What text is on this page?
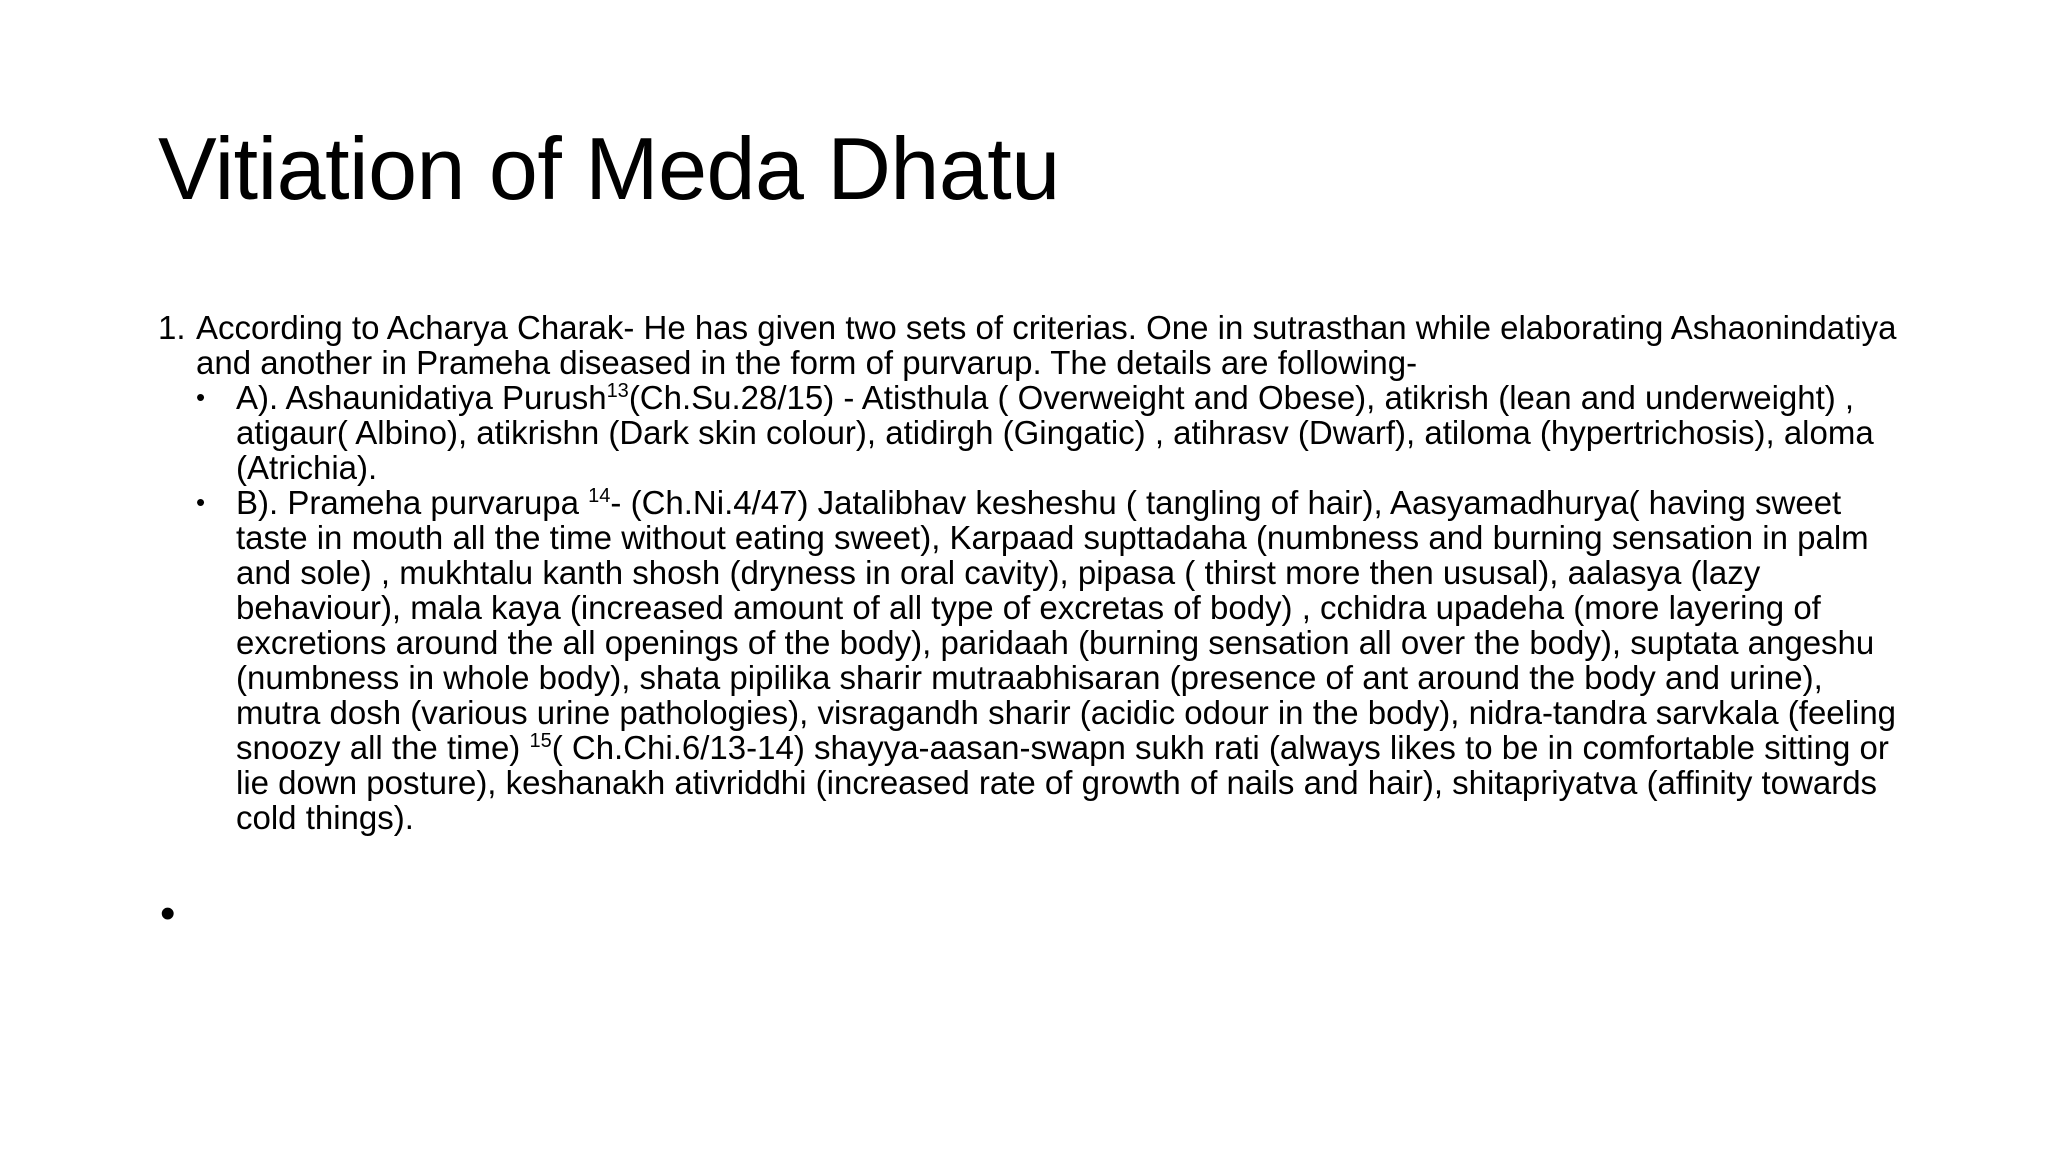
Vitiation of Meda Dhatu
1. According to Acharya Charak- He has given two sets of criterias. One in sutrasthan while elaborating Ashaonindatiya and another in Prameha diseased in the form of purvarup. The details are following-
• A). Ashaunidatiya Purush$^{13}$(Ch.Su.28/15) - Atisthula ( Overweight and Obese), atikrish (lean and underweight) , atigaur( Albino), atikrishn (Dark skin colour), atidirgh (Gingatic) , atihrasv (Dwarf), atiloma (hypertrichosis), aloma (Atrichia).
• B). Prameha purvarupa $^{14}$- (Ch.Ni.4/47) Jatalibhav kesheshu ( tangling of hair), Aasyamadhurya( having sweet taste in mouth all the time without eating sweet), Karpaad supttadaha (numbness and burning sensation in palm and sole) , mukhtalu kanth shosh (dryness in oral cavity), pipasa ( thirst more then ususal), aalasya (lazy behaviour), mala kaya (increased amount of all type of excretas of body) , cchidra upadeha (more layering of excretions around the all openings of the body), paridaah (burning sensation all over the body), suptata angeshu (numbness in whole body), shata pipilika sharir mutraabhisaran (presence of ant around the body and urine), mutra dosh (various urine pathologies), visragandh sharir (acidic odour in the body), nidra-tandra sarvkala (feeling snoozy all the time) $^{15}$( Ch.Chi.6/13-14) shayya-aasan-swapn sukh rati (always likes to be in comfortable sitting or lie down posture), keshanakh ativriddhi (increased rate of growth of nails and hair), shitapriyatva (affinity towards cold things).
•
